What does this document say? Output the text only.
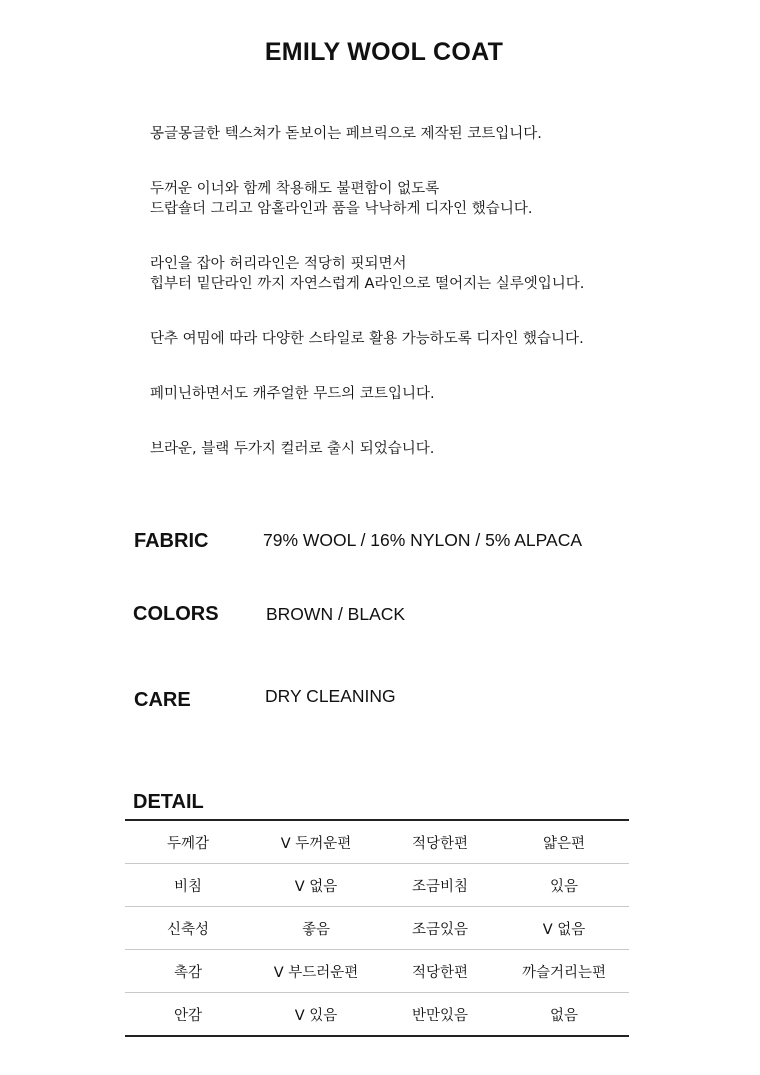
EMILY WOOL COAT

몽글몽글한 텍스쳐가 돋보이는 페브릭으로 제작된 코트입니다.

두꺼운 이너와 함께 착용해도 불편함이 없도록
드랍숄더 그리고 암홀라인과 품을 낙낙하게 디자인 했습니다.

라인을 잡아 허리라인은 적당히 핏되면서
힙부터 밑단라인 까지 자연스럽게 A라인으로 떨어지는 실루엣입니다.

단추 여밈에 따라 다양한 스타일로 활용 가능하도록 디자인 했습니다.

페미닌하면서도 캐주얼한 무드의 코트입니다.

브라운, 블랙 두가지 컬러로 출시 되었습니다.

FABRIC	79% WOOL / 16% NYLON / 5% ALPACA
COLORS	BROWN / BLACK
CARE	DRY CLEANING
DETAIL
두께감	V 두꺼운편	적당한편	얇은편
비침	V 없음	조금비침	있음
신축성	좋음	조금있음	V 없음
촉감	V 부드러운편	적당한편	까슬거리는편
안감	V 있음	반만있음	없음
